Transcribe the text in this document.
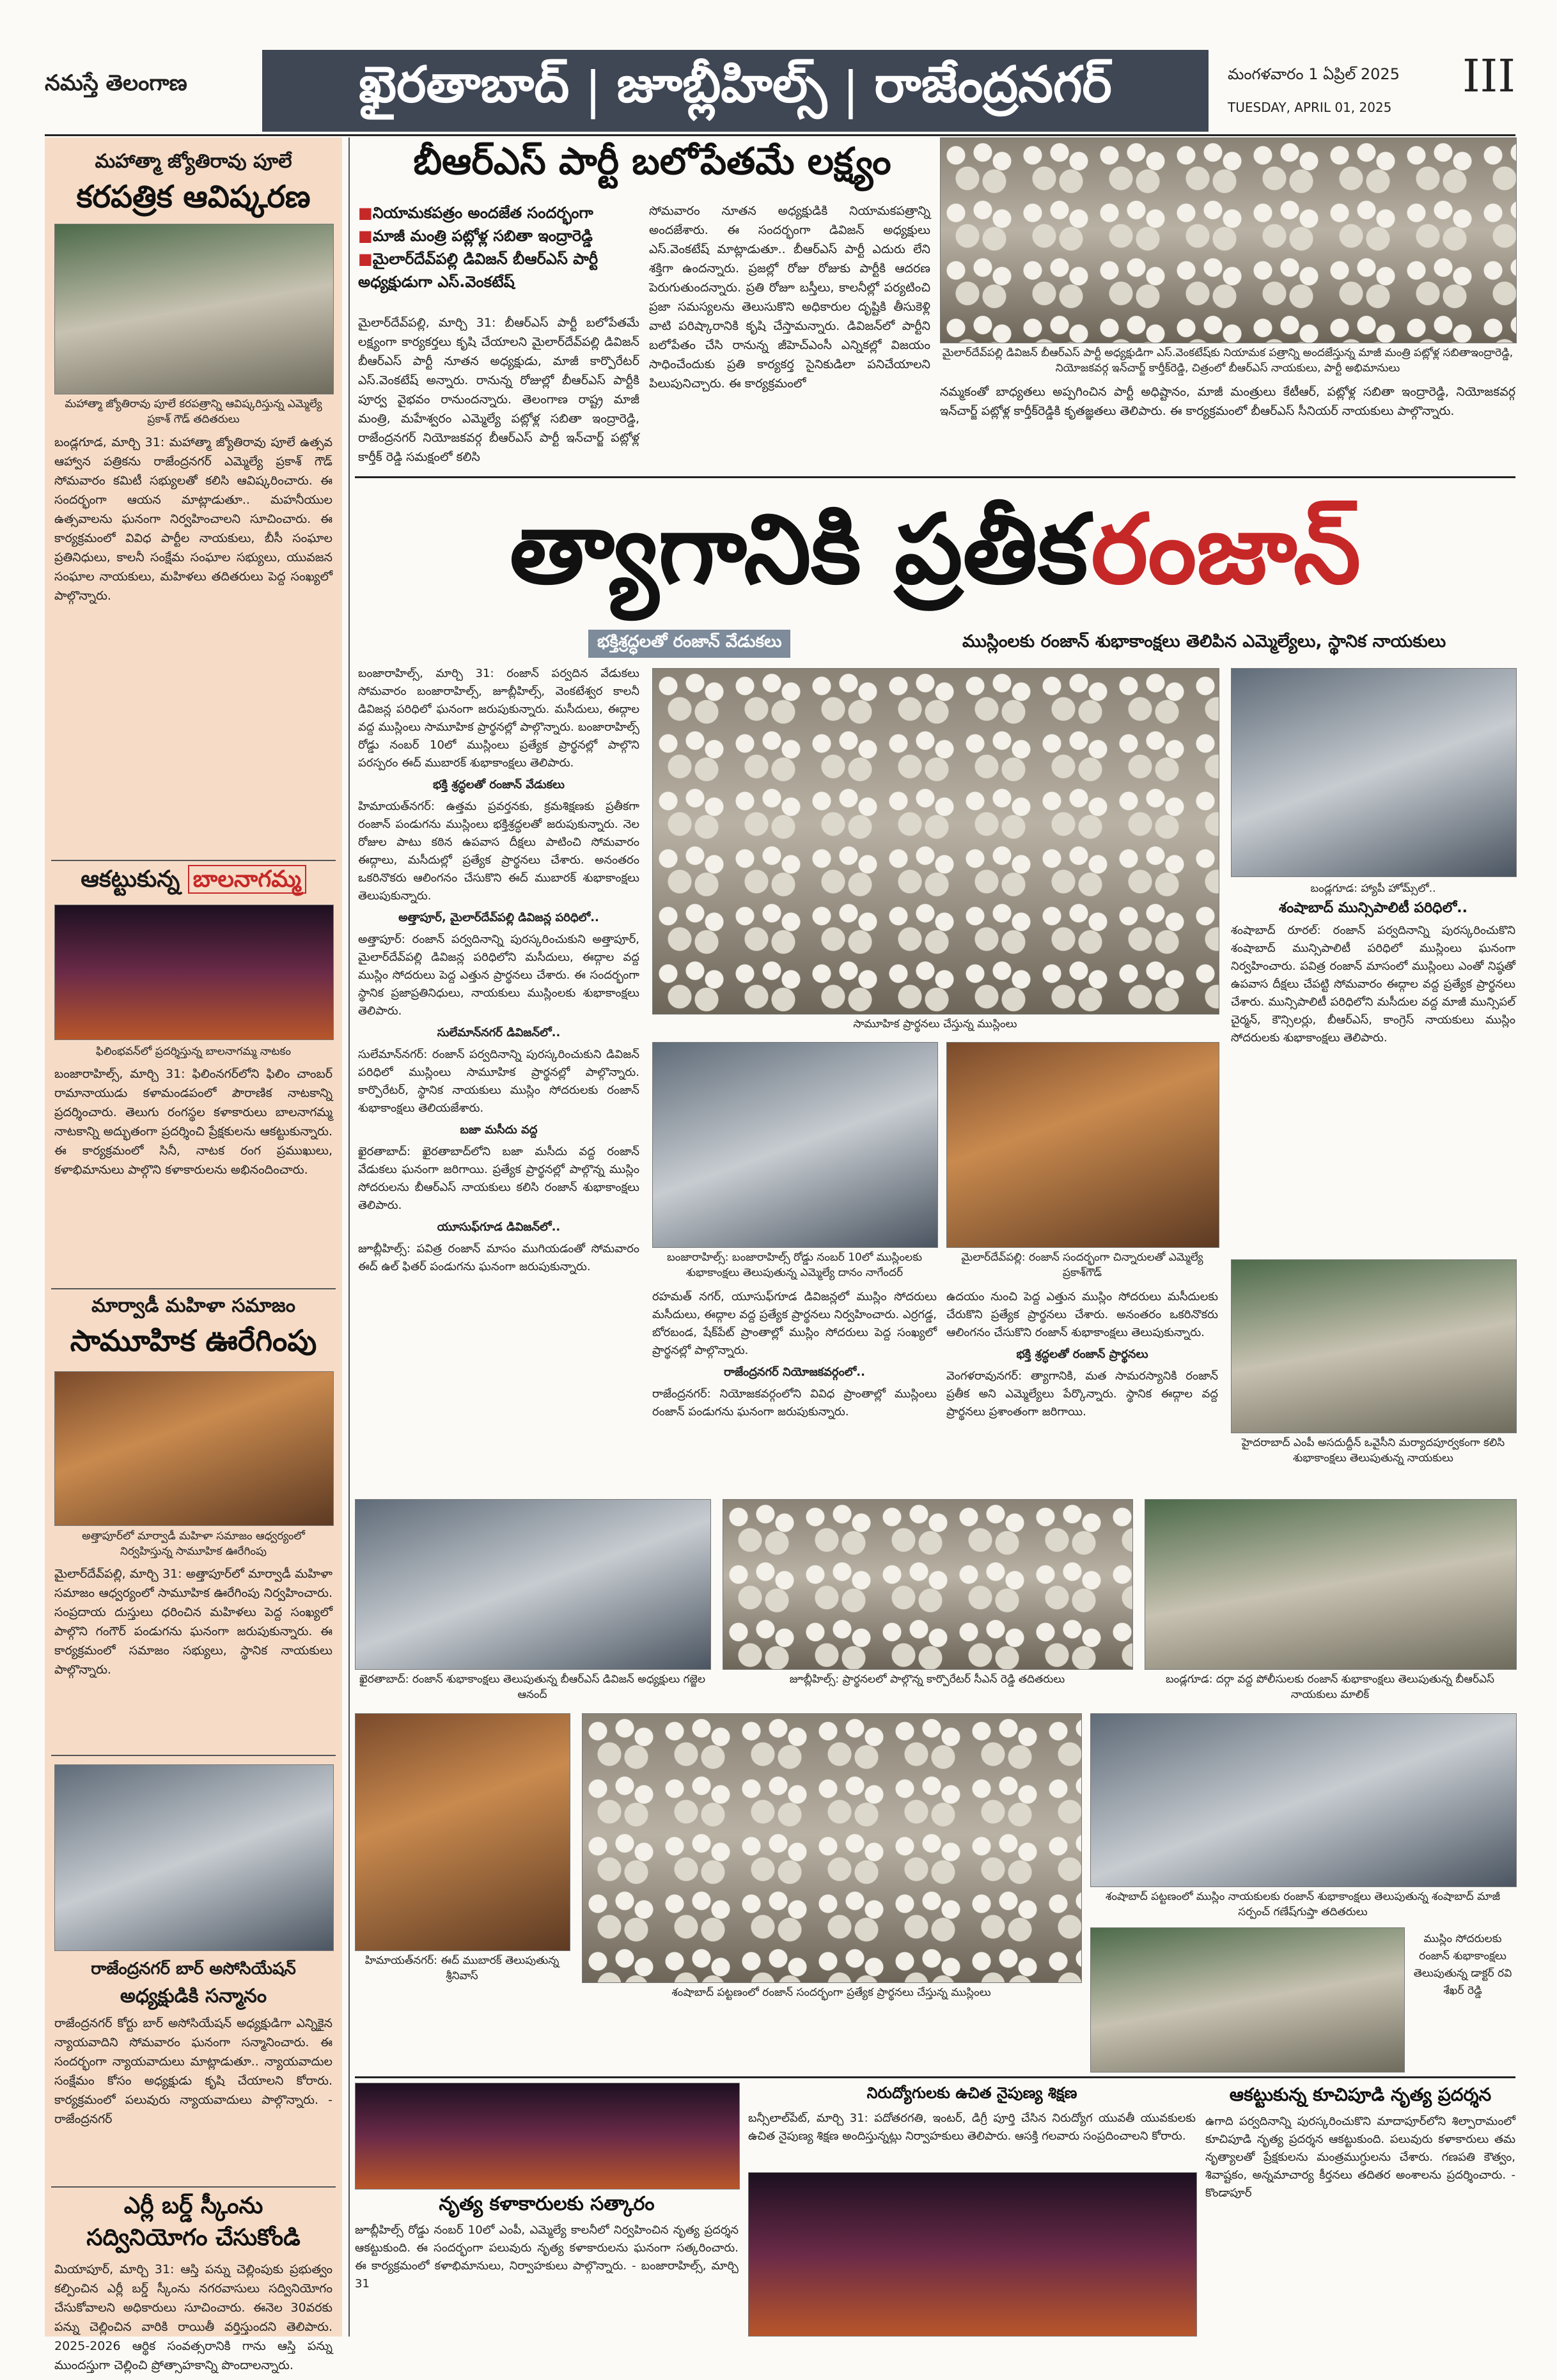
నమస్తే తెలంగాణ	ఖైరతాబాద్ | జూబ్లీహిల్స్ | రాజేంద్రనగర్	మంగళవారం 1 ఏప్రిల్ 2025
TUESDAY, APRIL 01, 2025
III
మహాత్మా జ్యోతిరావు పూలే
కరపత్రిక ఆవిష్కరణ
మహాత్మా జ్యోతిరావు పూలే కరపత్రాన్ని ఆవిష్కరిస్తున్న ఎమ్మెల్యే ప్రకాశ్ గౌడ్ తదితరులు
బండ్లగూడ, మార్చి 31: మహాత్మా జ్యోతిరావు పూలే ఉత్సవ ఆహ్వాన పత్రికను రాజేంద్రనగర్ ఎమ్మెల్యే ప్రకాశ్ గౌడ్ సోమవారం కమిటీ సభ్యులతో కలిసి ఆవిష్కరించారు. ఈ సందర్భంగా ఆయన మాట్లాడుతూ.. మహనీయుల ఉత్సవాలను ఘనంగా నిర్వహించాలని సూచించారు. ఈ కార్యక్రమంలో వివిధ పార్టీల నాయకులు, బీసీ సంఘాల ప్రతినిధులు, కాలనీ సంక్షేమ సంఘాల సభ్యులు, యువజన సంఘాల నాయకులు, మహిళలు తదితరులు పెద్ద సంఖ్యలో పాల్గొన్నారు.
ఆకట్టుకున్న బాలనాగమ్మ
ఫిలింభవన్‌లో ప్రదర్శిస్తున్న బాలనాగమ్మ నాటకం
బంజారాహిల్స్, మార్చి 31: ఫిలింనగర్‌లోని ఫిలిం చాంబర్ రామానాయుడు కళామండపంలో పౌరాణిక నాటకాన్ని ప్రదర్శించారు. తెలుగు రంగస్థల కళాకారులు బాలనాగమ్మ నాటకాన్ని అద్భుతంగా ప్రదర్శించి ప్రేక్షకులను ఆకట్టుకున్నారు. ఈ కార్యక్రమంలో సినీ, నాటక రంగ ప్రముఖులు, కళాభిమానులు పాల్గొని కళాకారులను అభినందించారు.
మార్వాడీ మహిళా సమాజం
సామూహిక ఊరేగింపు
అత్తాపూర్‌లో మార్వాడీ మహిళా సమాజం ఆధ్వర్యంలో నిర్వహిస్తున్న సామూహిక ఊరేగింపు
మైలార్‌దేవ్‌పల్లి, మార్చి 31: అత్తాపూర్‌లో మార్వాడీ మహిళా సమాజం ఆధ్వర్యంలో సామూహిక ఊరేగింపు నిర్వహించారు. సంప్రదాయ దుస్తులు ధరించిన మహిళలు పెద్ద సంఖ్యలో పాల్గొని గంగౌర్ పండుగను ఘనంగా జరుపుకున్నారు. ఈ కార్యక్రమంలో సమాజం సభ్యులు, స్థానిక నాయకులు పాల్గొన్నారు.
రాజేంద్రనగర్ బార్ అసోసియేషన్
అధ్యక్షుడికి సన్మానం
రాజేంద్రనగర్ కోర్టు బార్ అసోసియేషన్ అధ్యక్షుడిగా ఎన్నికైన న్యాయవాదిని సోమవారం ఘనంగా సన్మానించారు. ఈ సందర్భంగా న్యాయవాదులు మాట్లాడుతూ.. న్యాయవాదుల సంక్షేమం కోసం అధ్యక్షుడు కృషి చేయాలని కోరారు. కార్యక్రమంలో పలువురు న్యాయవాదులు పాల్గొన్నారు. - రాజేంద్రనగర్
ఎర్లీ బర్డ్ స్కీంను
సద్వినియోగం చేసుకోండి
మియాపూర్, మార్చి 31: ఆస్తి పన్ను చెల్లింపుకు ప్రభుత్వం కల్పించిన ఎర్లీ బర్డ్ స్కీంను నగరవాసులు సద్వినియోగం చేసుకోవాలని అధికారులు సూచించారు. ఈనెల 30వరకు పన్ను చెల్లించిన వారికి రాయితీ వర్తిస్తుందని తెలిపారు. 2025-2026 ఆర్థిక సంవత్సరానికి గాను ఆస్తి పన్ను ముందస్తుగా చెల్లించి ప్రోత్సాహకాన్ని పొందాలన్నారు.
బీఆర్ఎస్ పార్టీ బలోపేతమే లక్ష్యం
■నియామకపత్రం అందజేత సందర్భంగా
■మాజీ మంత్రి పట్లోళ్ల సబితా ఇంద్రారెడ్డి
■మైలార్‌దేవ్‌పల్లి డివిజన్ బీఆర్ఎస్ పార్టీ అధ్యక్షుడుగా ఎస్.వెంకటేష్
మైలార్‌దేవ్‌పల్లి, మార్చి 31: బీఆర్ఎస్ పార్టీ బలోపేతమే లక్ష్యంగా కార్యకర్తలు కృషి చేయాలని మైలార్‌దేవ్‌పల్లి డివిజన్ బీఆర్ఎస్ పార్టీ నూతన అధ్యక్షుడు, మాజీ కార్పొరేటర్ ఎస్.వెంకటేష్ అన్నారు. రానున్న రోజుల్లో బీఆర్ఎస్ పార్టీకి పూర్వ వైభవం రానుందన్నారు. తెలంగాణ రాష్ట్ర మాజీ మంత్రి, మహేశ్వరం ఎమ్మెల్యే పట్లోళ్ల సబితా ఇంద్రారెడ్డి, రాజేంద్రనగర్ నియోజకవర్గ బీఆర్ఎస్ పార్టీ ఇన్‌చార్జ్ పట్లోళ్ల కార్తీక్ రెడ్డి సమక్షంలో కలిసి
సోమవారం నూతన అధ్యక్షుడికి నియామకపత్రాన్ని అందజేశారు. ఈ సందర్భంగా డివిజన్ అధ్యక్షులు ఎస్.వెంకటేష్ మాట్లాడుతూ.. బీఆర్ఎస్ పార్టీ ఎదురు లేని శక్తిగా ఉందన్నారు. ప్రజల్లో రోజు రోజుకు పార్టీకి ఆదరణ పెరుగుతుందన్నారు. ప్రతి రోజూ బస్తీలు, కాలనీల్లో పర్యటించి ప్రజా సమస్యలను తెలుసుకొని అధికారుల దృష్టికి తీసుకెళ్లి వాటి పరిష్కారానికి కృషి చేస్తామన్నారు. డివిజన్‌లో పార్టీని బలోపేతం చేసి రానున్న జీహెచ్ఎంసీ ఎన్నికల్లో విజయం సాధించేందుకు ప్రతి కార్యకర్త సైనికుడిలా పనిచేయాలని పిలుపునిచ్చారు. ఈ కార్యక్రమంలో
మైలార్‌దేవ్‌పల్లి డివిజన్ బీఆర్ఎస్ పార్టీ అధ్యక్షుడిగా ఎస్.వెంకటేష్‌కు నియామక పత్రాన్ని అందజేస్తున్న మాజీ మంత్రి పట్లోళ్ల సబితాఇంద్రారెడ్డి, నియోజకవర్గ ఇన్‌చార్జ్ కార్తీక్‌రెడ్డి, చిత్రంలో బీఆర్ఎస్ నాయకులు, పార్టీ అభిమానులు
నమ్మకంతో బాధ్యతలు అప్పగించిన పార్టీ అధిష్టానం, మాజీ మంత్రులు కేటీఆర్, పట్లోళ్ల సబితా ఇంద్రారెడ్డి, నియోజకవర్గ ఇన్‌చార్జ్ పట్లోళ్ల కార్తీక్‌రెడ్డికి కృతజ్ఞతలు తెలిపారు. ఈ కార్యక్రమంలో బీఆర్ఎస్ సీనియర్ నాయకులు పాల్గొన్నారు.
త్యాగానికి ప్రతీక రంజాన్
భక్తిశ్రద్ధలతో రంజాన్ వేడుకలు	ముస్లింలకు రంజాన్ శుభాకాంక్షలు తెలిపిన ఎమ్మెల్యేలు, స్థానిక నాయకులు
బంజారాహిల్స్, మార్చి 31: రంజాన్ పర్వదిన వేడుకలు సోమవారం బంజారాహిల్స్, జూబ్లీహిల్స్, వెంకటేశ్వర కాలనీ డివిజన్ల పరిధిలో ఘనంగా జరుపుకున్నారు. మసీదులు, ఈద్గాల వద్ద ముస్లింలు సామూహిక ప్రార్థనల్లో పాల్గొన్నారు. బంజారాహిల్స్ రోడ్డు నంబర్ 10లో ముస్లింలు ప్రత్యేక ప్రార్థనల్లో పాల్గొని పరస్పరం ఈద్ ముబారక్ శుభాకాంక్షలు తెలిపారు.
భక్తి శ్రద్ధలతో రంజాన్ వేడుకలు
హిమాయత్‌నగర్: ఉత్తమ ప్రవర్తనకు, క్రమశిక్షణకు ప్రతీకగా రంజాన్ పండుగను ముస్లింలు భక్తిశ్రద్ధలతో జరుపుకున్నారు. నెల రోజుల పాటు కఠిన ఉపవాస దీక్షలు పాటించి సోమవారం ఈద్గాలు, మసీదుల్లో ప్రత్యేక ప్రార్థనలు చేశారు. అనంతరం ఒకరినొకరు ఆలింగనం చేసుకొని ఈద్ ముబారక్ శుభాకాంక్షలు తెలుపుకున్నారు.
అత్తాపూర్, మైలార్‌దేవ్‌పల్లి డివిజన్ల పరిధిలో..
అత్తాపూర్: రంజాన్ పర్వదినాన్ని పురస్కరించుకుని అత్తాపూర్, మైలార్‌దేవ్‌పల్లి డివిజన్ల పరిధిలోని మసీదులు, ఈద్గాల వద్ద ముస్లిం సోదరులు పెద్ద ఎత్తున ప్రార్థనలు చేశారు. ఈ సందర్భంగా స్థానిక ప్రజాప్రతినిధులు, నాయకులు ముస్లింలకు శుభాకాంక్షలు తెలిపారు.
సులేమాన్‌నగర్ డివిజన్‌లో..
సులేమాన్‌నగర్: రంజాన్ పర్వదినాన్ని పురస్కరించుకుని డివిజన్ పరిధిలో ముస్లింలు సామూహిక ప్రార్థనల్లో పాల్గొన్నారు. కార్పొరేటర్, స్థానిక నాయకులు ముస్లిం సోదరులకు రంజాన్ శుభాకాంక్షలు తెలియజేశారు.
బజా మసీదు వద్ద
ఖైరతాబాద్: ఖైరతాబాద్‌లోని బజా మసీదు వద్ద రంజాన్ వేడుకలు ఘనంగా జరిగాయి. ప్రత్యేక ప్రార్థనల్లో పాల్గొన్న ముస్లిం సోదరులను బీఆర్ఎస్ నాయకులు కలిసి రంజాన్ శుభాకాంక్షలు తెలిపారు.
యూసుఫ్‌గూడ డివిజన్‌లో..
జూబ్లీహిల్స్: పవిత్ర రంజాన్ మాసం ముగియడంతో సోమవారం ఈద్ ఉల్ ఫితర్ పండుగను ఘనంగా జరుపుకున్నారు.
సామూహిక ప్రార్థనలు చేస్తున్న ముస్లింలు
బండ్లగూడ: హ్యాపీ హోమ్స్‌లో..
శంషాబాద్ మున్సిపాలిటీ పరిధిలో..
శంషాబాద్ రూరల్: రంజాన్ పర్వదినాన్ని పురస్కరించుకొని శంషాబాద్ మున్సిపాలిటీ పరిధిలో ముస్లింలు ఘనంగా నిర్వహించారు. పవిత్ర రంజాన్ మాసంలో ముస్లింలు ఎంతో నిష్ఠతో ఉపవాస దీక్షలు చేపట్టి సోమవారం ఈద్గాల వద్ద ప్రత్యేక ప్రార్థనలు చేశారు. మున్సిపాలిటీ పరిధిలోని మసీదుల వద్ద మాజీ మున్సిపల్ చైర్మన్, కౌన్సిలర్లు, బీఆర్ఎస్, కాంగ్రెస్ నాయకులు ముస్లిం సోదరులకు శుభాకాంక్షలు తెలిపారు.
బంజారాహిల్స్: బంజారాహిల్స్ రోడ్డు నంబర్ 10లో ముస్లింలకు శుభాకాంక్షలు తెలుపుతున్న ఎమ్మెల్యే దానం నాగేందర్
మైలార్‌దేవ్‌పల్లి: రంజాన్ సందర్భంగా చిన్నారులతో ఎమ్మెల్యే ప్రకాశ్‌గౌడ్
హైదరాబాద్ ఎంపీ అసదుద్దీన్ ఒవైసీని మర్యాదపూర్వకంగా కలిసి శుభాకాంక్షలు తెలుపుతున్న నాయకులు
రహమత్ నగర్, యూసుఫ్‌గూడ డివిజన్లలో ముస్లిం సోదరులు మసీదులు, ఈద్గాల వద్ద ప్రత్యేక ప్రార్థనలు నిర్వహించారు. ఎర్రగడ్డ, బోరబండ, షేక్‌పేట్ ప్రాంతాల్లో ముస్లిం సోదరులు పెద్ద సంఖ్యలో ప్రార్థనల్లో పాల్గొన్నారు.
రాజేంద్రనగర్ నియోజకవర్గంలో..
రాజేంద్రనగర్: నియోజకవర్గంలోని వివిధ ప్రాంతాల్లో ముస్లింలు రంజాన్ పండుగను ఘనంగా జరుపుకున్నారు.
ఉదయం నుంచి పెద్ద ఎత్తున ముస్లిం సోదరులు మసీదులకు చేరుకొని ప్రత్యేక ప్రార్థనలు చేశారు. అనంతరం ఒకరినొకరు ఆలింగనం చేసుకొని రంజాన్ శుభాకాంక్షలు తెలుపుకున్నారు.
భక్తి శ్రద్ధలతో రంజాన్ ప్రార్థనలు
వెంగళరావునగర్: త్యాగానికి, మత సామరస్యానికి రంజాన్ ప్రతీక అని ఎమ్మెల్యేలు పేర్కొన్నారు. స్థానిక ఈద్గాల వద్ద ప్రార్థనలు ప్రశాంతంగా జరిగాయి.
ఖైరతాబాద్: రంజాన్ శుభాకాంక్షలు తెలుపుతున్న బీఆర్ఎస్ డివిజన్ అధ్యక్షులు గజ్జెల ఆనంద్
జూబ్లీహిల్స్: ప్రార్థనలలో పాల్గొన్న కార్పొరేటర్ సీఎన్ రెడ్డి తదితరులు	బండ్లగూడ: దర్గా వద్ద పోలీసులకు రంజాన్ శుభాకాంక్షలు తెలుపుతున్న బీఆర్ఎస్ నాయకులు మాలిక్
హిమాయత్‌నగర్: ఈద్ ముబారక్ తెలుపుతున్న శ్రీనివాస్
శంషాబాద్ పట్టణంలో రంజాన్ సందర్భంగా ప్రత్యేక ప్రార్థనలు చేస్తున్న ముస్లింలు
శంషాబాద్ పట్టణంలో ముస్లిం నాయకులకు రంజాన్ శుభాకాంక్షలు తెలుపుతున్న శంషాబాద్ మాజీ సర్పంచ్ గణేష్‌గుప్తా తదితరులు
ముస్లిం సోదరులకు రంజాన్ శుభాకాంక్షలు తెలుపుతున్న డాక్టర్ రవి శేఖర్ రెడ్డి
నృత్య కళాకారులకు సత్కారం
జూబ్లీహిల్స్ రోడ్డు నంబర్ 10లో ఎంపీ, ఎమ్మెల్యే కాలనీలో నిర్వహించిన నృత్య ప్రదర్శన ఆకట్టుకుంది. ఈ సందర్భంగా పలువురు నృత్య కళాకారులను ఘనంగా సత్కరించారు. ఈ కార్యక్రమంలో కళాభిమానులు, నిర్వాహకులు పాల్గొన్నారు. - బంజారాహిల్స్, మార్చి 31
నిరుద్యోగులకు ఉచిత నైపుణ్య శిక్షణ
బన్సీలాల్‌పేట్, మార్చి 31: పదోతరగతి, ఇంటర్, డిగ్రీ పూర్తి చేసిన నిరుద్యోగ యువతీ యువకులకు ఉచిత నైపుణ్య శిక్షణ అందిస్తున్నట్లు నిర్వాహకులు తెలిపారు. ఆసక్తి గలవారు సంప్రదించాలని కోరారు.
ఆకట్టుకున్న కూచిపూడి నృత్య ప్రదర్శన
ఉగాది పర్వదినాన్ని పురస్కరించుకొని మాదాపూర్‌లోని శిల్పారామంలో కూచిపూడి నృత్య ప్రదర్శన ఆకట్టుకుంది. పలువురు కళాకారులు తమ నృత్యాలతో ప్రేక్షకులను మంత్రముగ్ధులను చేశారు. గణపతి కౌత్వం, శివాష్టకం, అన్నమాచార్య కీర్తనలు తదితర అంశాలను ప్రదర్శించారు. - కొండాపూర్
